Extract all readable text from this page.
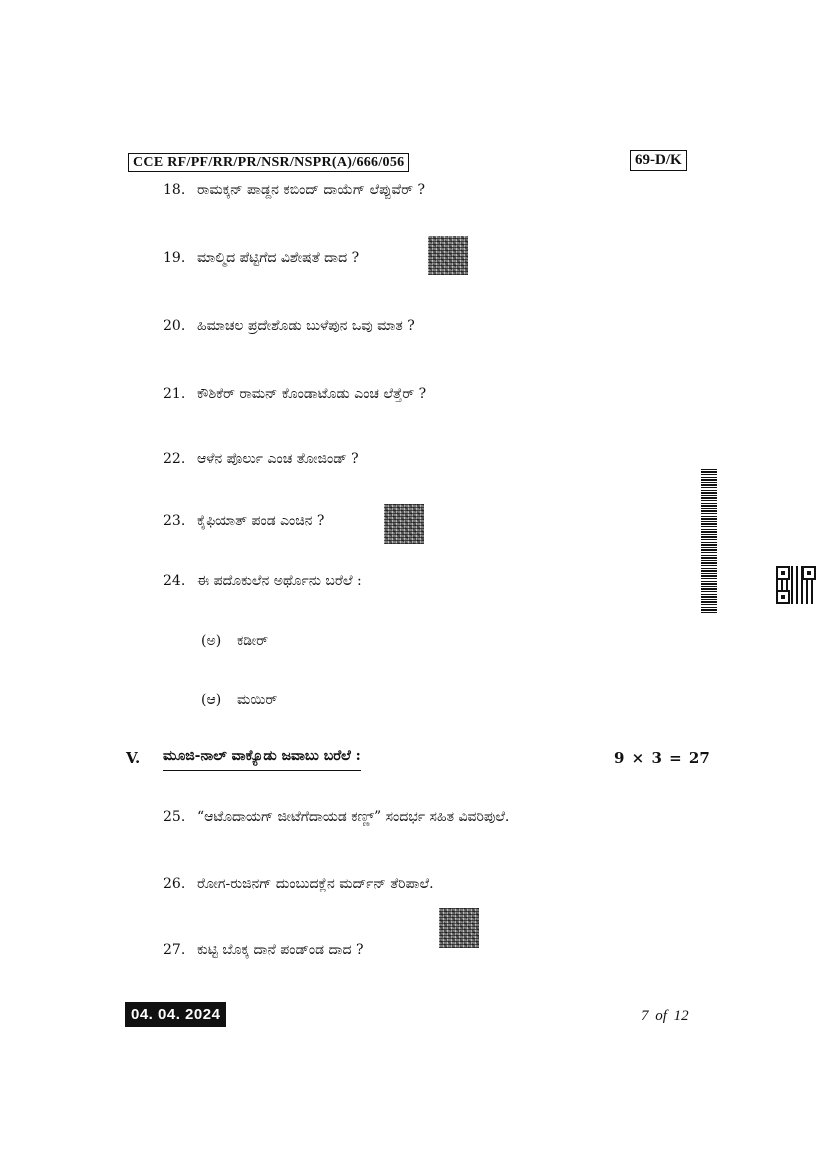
CCE RF/PF/RR/PR/NSR/NSPR(A)/666/056	69-D/K
18. ರಾಮಕ್ಕನ್ ಪಾಡ್ದನ ಕಬಿಂದ್ ದಾಯೆಗ್ ಲೆಪ್ಪುವೆರ್ ?
19. ಮಾಲ್ಮಿದ ಪೆಟ್ಟಿಗೆದ ವಿಶೇಷತೆ ದಾದ ?
20. ಹಿಮಾಚಲ ಪ್ರದೇಶೊಡು ಬುಳೆಪುನ ಒವು ಮಾತ ?
21. ಕೌಶಿಕೆರ್ ರಾಮನ್ ಕೊಂಡಾಟೊಡು ಎಂಚ ಲೆತ್ತೆರ್ ?
22. ಆಳೆನ ಪೊರ್ಲು ಎಂಚ ತೋಜಿಂಡ್ ?
23. ಕೈಫಿಯಾತ್ ಪಂಡ ಎಂಚಿನ ?
24. ಈ ಪದೊಕುಲೆನ ಅರ್ಥೊನು ಬರೆಲೆ :
(ಅ) ಕಡೀರ್
(ಆ) ಮಯಿರ್
V. ಮೂಜಿ-ನಾಲ್ ವಾಕ್ಯೊಡು ಜವಾಬು ಬರೆಲೆ :	9 × 3 = 27
25. “ಆಟೊದಾಯಗ್ ಜೀಟೆಗೆದಾಯಡ ಕಣ್ಣ್” ಸಂದರ್ಭ ಸಹಿತ ವಿವರಿಪುಲೆ.
26. ರೋಗ-ರುಜಿನಗ್ ದುಂಬುದಕ್ಲೆನ ಮರ್ದ್‌ನ್ ತೆರಿಪಾಲೆ.
27. ಕುಟ್ಟಿ ಬೊಕ್ಕ ದಾನೆ ಪಂಡ್‌ಂಡ ದಾದ ?
04. 04. 2024	7 of 12
